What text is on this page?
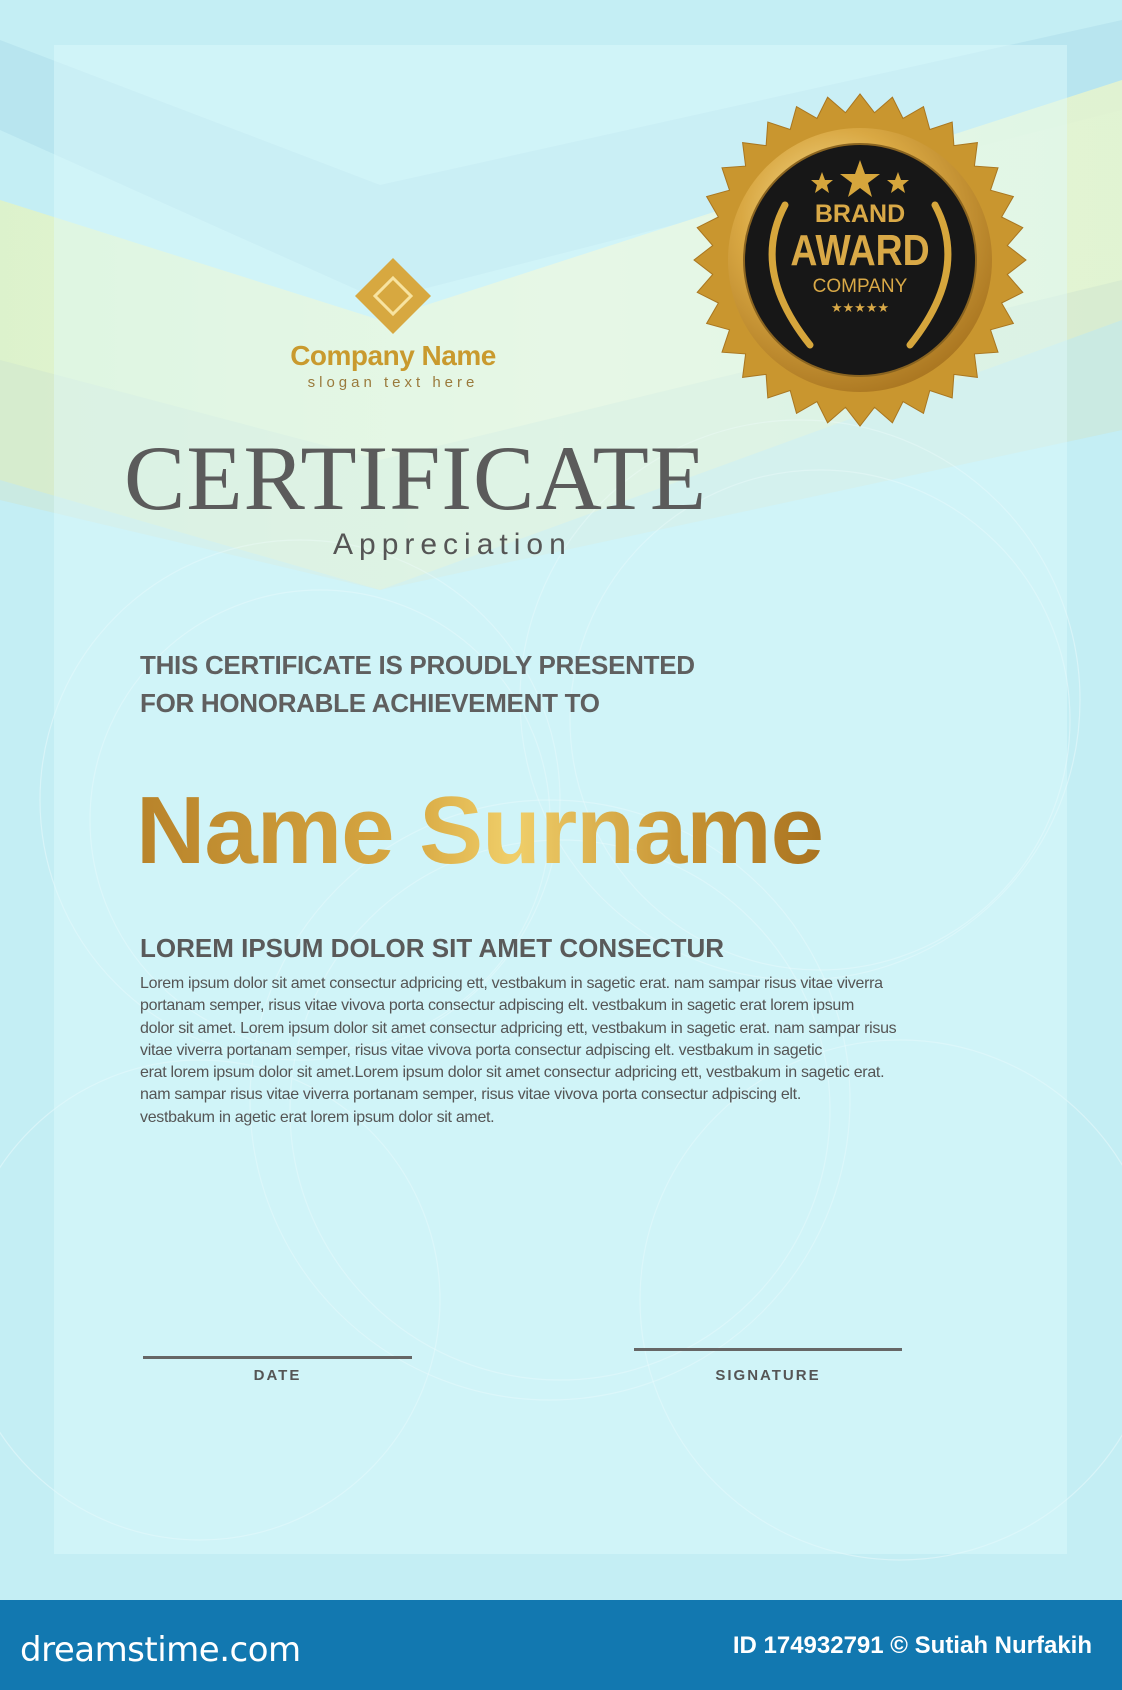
Company Name
slogan text here
BRAND
AWARD
COMPANY
★★★★★
CERTIFICATE
Appreciation
THIS CERTIFICATE IS PROUDLY PRESENTED
FOR HONORABLE ACHIEVEMENT TO
Name Surname
LOREM IPSUM DOLOR SIT AMET CONSECTUR
Lorem ipsum dolor sit amet consectur adpricing ett, vestbakum in sagetic erat. nam sampar risus vitae viverra
portanam semper, risus vitae vivova porta consectur adpiscing elt. vestbakum in sagetic erat lorem ipsum
dolor sit amet. Lorem ipsum dolor sit amet consectur adpricing ett, vestbakum in sagetic erat. nam sampar risus
vitae viverra portanam semper, risus vitae vivova porta consectur adpiscing elt. vestbakum in sagetic
erat lorem ipsum dolor sit amet.Lorem ipsum dolor sit amet consectur adpricing ett, vestbakum in sagetic erat.
nam sampar risus vitae viverra portanam semper, risus vitae vivova porta consectur adpiscing elt.
vestbakum in agetic erat lorem ipsum dolor sit amet.
DATE	SIGNATURE
dreamstime.com	ID 174932791 © Sutiah Nurfakih
